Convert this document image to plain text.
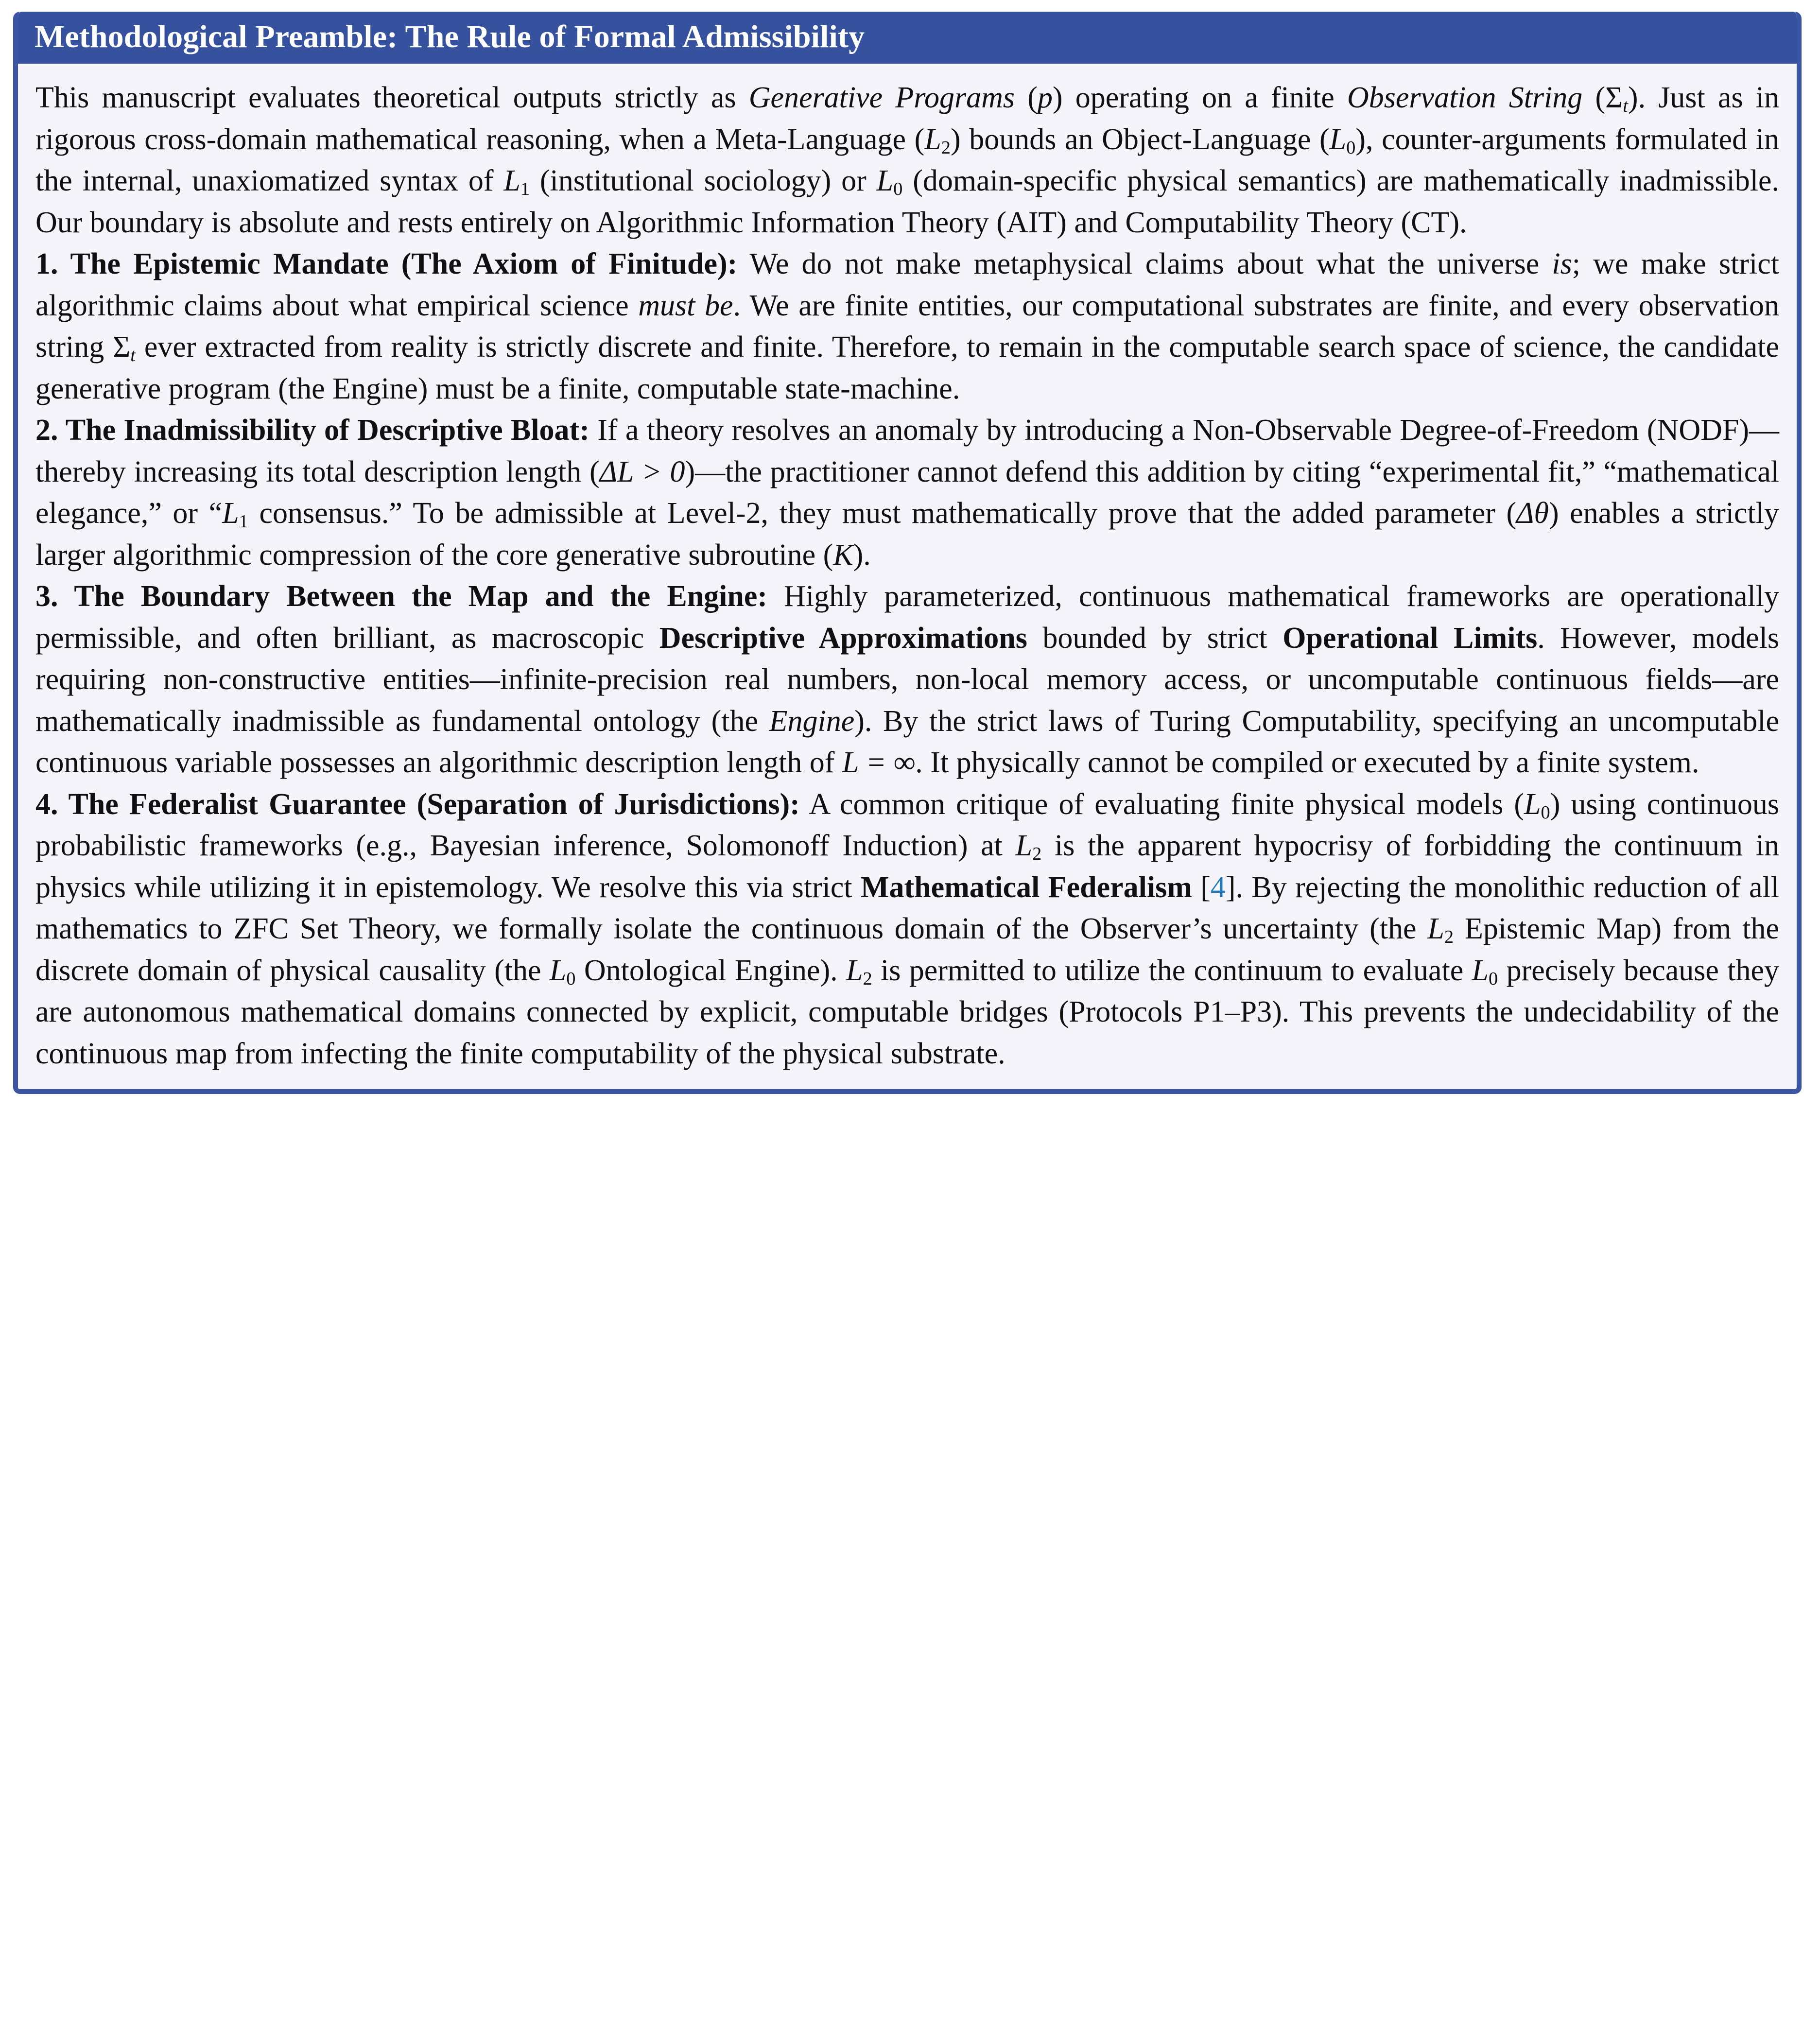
Methodological Preamble: The Rule of Formal Admissibility

This manuscript evaluates theoretical outputs strictly as Generative Programs (p) operating on a finite Observation String $(\Sigma_t)$. Just as in rigorous cross-domain mathematical reasoning, when a Meta-Language $(L_2)$ bounds an Object-Language $(L_0)$, counter-arguments formulated in the internal, unaxiomatized syntax of $L_1$ (institutional sociology) or $L_0$ (domain-specific physical semantics) are mathematically inadmissible. Our boundary is absolute and rests entirely on Algorithmic Information Theory (AIT) and Computability Theory (CT).

1. The Epistemic Mandate (The Axiom of Finitude): We do not make metaphysical claims about what the universe is; we make strict algorithmic claims about what empirical science must be. We are finite entities, our computational substrates are finite, and every observation string $\Sigma_t$ ever extracted from reality is strictly discrete and finite. Therefore, to remain in the computable search space of science, the candidate generative program (the Engine) must be a finite, computable state-machine.

2. The Inadmissibility of Descriptive Bloat: If a theory resolves an anomaly by introducing a Non-Observable Degree-of-Freedom (NODF)—thereby increasing its total description length (ΔL > 0)—the practitioner cannot defend this addition by citing “experimental fit,” “mathematical elegance,” or “$L_1$ consensus.” To be admissible at Level-2, they must mathematically prove that the added parameter (Δθ) enables a strictly larger algorithmic compression of the core generative subroutine (K).

3. The Boundary Between the Map and the Engine: Highly parameterized, continuous mathematical frameworks are operationally permissible, and often brilliant, as macroscopic Descriptive Approximations bounded by strict Operational Limits. However, models requiring non-constructive entities—infinite-precision real numbers, non-local memory access, or uncomputable continuous fields—are mathematically inadmissible as fundamental ontology (the Engine). By the strict laws of Turing Computability, specifying an uncomputable continuous variable possesses an algorithmic description length of L = ∞. It physically cannot be compiled or executed by a finite system.

4. The Federalist Guarantee (Separation of Jurisdictions): A common critique of evaluating finite physical models $(L_0)$ using continuous probabilistic frameworks (e.g., Bayesian inference, Solomonoff Induction) at $L_2$ is the apparent hypocrisy of forbidding the continuum in physics while utilizing it in epistemology. We resolve this via strict Mathematical Federalism [4]. By rejecting the monolithic reduction of all mathematics to ZFC Set Theory, we formally isolate the continuous domain of the Observer’s uncertainty (the $L_2$ Epistemic Map) from the discrete domain of physical causality (the $L_0$ Ontological Engine). $L_2$ is permitted to utilize the continuum to evaluate $L_0$ precisely because they are autonomous mathematical domains connected by explicit, computable bridges (Protocols P1–P3). This prevents the undecidability of the continuous map from infecting the finite computability of the physical substrate.
